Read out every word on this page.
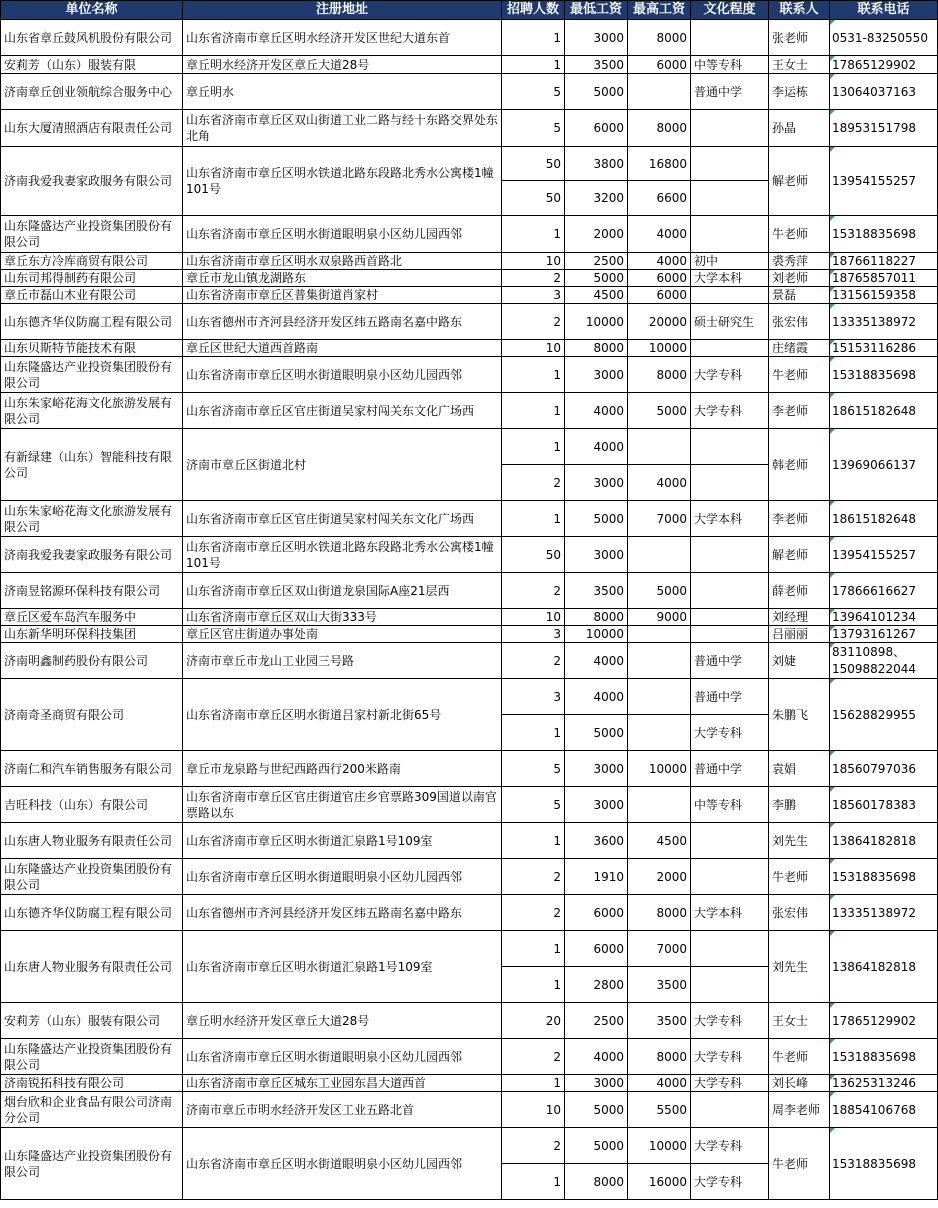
单位名称	注册地址	招聘人数	最低工资	最高工资	文化程度	联系人	联系电话
山东省章丘鼓风机股份有限公司	山东省济南市章丘区明水经济开发区世纪大道东首	1	3000	8000		张老师	0531-83250550
安莉芳（山东）服装有限	章丘明水经济开发区章丘大道28号	1	3500	6000	中等专科	王女士	17865129902
济南章丘创业领航综合服务中心	章丘明水	5	5000		普通中学	李运栋	13064037163
山东大厦清照酒店有限责任公司	山东省济南市章丘区双山街道工业二路与经十东路交界处东北角	5	6000	8000		孙晶	18953151798
济南我爱我妻家政服务有限公司	山东省济南市章丘区明水铁道北路东段路北秀水公寓楼1幢101号	50	3800	16800		解老师	13954155257
		50	3200	6600			
山东隆盛达产业投资集团股份有限公司	山东省济南市章丘区明水街道眼明泉小区幼儿园西邻	1	2000	4000		牛老师	15318835698
章丘东方冷库商贸有限公司	山东省济南市章丘区明水双泉路西首路北	10	2500	4000	初中	裘秀萍	18766118227
山东司邦得制药有限公司	章丘市龙山镇龙湖路东	2	5000	6000	大学本科	刘老师	18765857011
章丘市磊山木业有限公司	山东省济南市章丘区普集街道肖家村	3	4500	6000		景磊	13156159358
山东德齐华仪防腐工程有限公司	山东省德州市齐河县经济开发区纬五路南名嘉中路东	2	10000	20000	硕士研究生	张宏伟	13335138972
山东贝斯特节能技术有限	章丘区世纪大道西首路南	10	8000	10000		庄绪霞	15153116286
山东隆盛达产业投资集团股份有限公司	山东省济南市章丘区明水街道眼明泉小区幼儿园西邻	1	3000	8000	大学专科	牛老师	15318835698
山东朱家峪花海文化旅游发展有限公司	山东省济南市章丘区官庄街道吴家村闯关东文化广场西	1	4000	5000	大学专科	李老师	18615182648
有新绿建（山东）智能科技有限公司	济南市章丘区街道北村	1	4000			韩老师	13969066137
		2	3000	4000			
山东朱家峪花海文化旅游发展有限公司	山东省济南市章丘区官庄街道吴家村闯关东文化广场西	1	5000	7000	大学本科	李老师	18615182648
济南我爱我妻家政服务有限公司	山东省济南市章丘区明水铁道北路东段路北秀水公寓楼1幢101号	50	3000			解老师	13954155257
济南昱铭源环保科技有限公司	山东省济南市章丘区双山街道龙泉国际A座21层西	2	3500	5000		薛老师	17866616627
章丘区爱车岛汽车服务中	山东省济南市章丘区双山大街333号	10	8000	9000		刘经理	13964101234
山东新华明环保科技集团	章丘区官庄街道办事处南	3	10000			吕丽丽	13793161267
济南明鑫制药股份有限公司	济南市章丘市龙山工业园三号路	2	4000		普通中学	刘婕	83110898、15098822044
济南奇圣商贸有限公司	山东省济南市章丘区明水街道吕家村新北街65号	3	4000		普通中学	朱鹏飞	15628829955
		1	5000		大学专科		
济南仁和汽车销售服务有限公司	章丘市龙泉路与世纪西路西行200米路南	5	3000	10000	普通中学	袁娟	18560797036
吉旺科技（山东）有限公司	山东省济南市章丘区官庄街道官庄乡官票路309国道以南官票路以东	5	3000		中等专科	李鹏	18560178383
山东唐人物业服务有限责任公司	山东省济南市章丘区明水街道汇泉路1号109室	1	3600	4500		刘先生	13864182818
山东隆盛达产业投资集团股份有限公司	山东省济南市章丘区明水街道眼明泉小区幼儿园西邻	2	1910	2000		牛老师	15318835698
山东德齐华仪防腐工程有限公司	山东省德州市齐河县经济开发区纬五路南名嘉中路东	2	6000	8000	大学本科	张宏伟	13335138972
山东唐人物业服务有限责任公司	山东省济南市章丘区明水街道汇泉路1号109室	1	6000	7000		刘先生	13864182818
		1	2800	3500			
安莉芳（山东）服装有限公司	章丘明水经济开发区章丘大道28号	20	2500	3500	大学专科	王女士	17865129902
山东隆盛达产业投资集团股份有限公司	山东省济南市章丘区明水街道眼明泉小区幼儿园西邻	2	4000	8000	大学专科	牛老师	15318835698
济南锐拓科技有限公司	山东省济南市章丘区城东工业园东昌大道西首	1	3000	4000	大学专科	刘长峰	13625313246
烟台欣和企业食品有限公司济南分公司	济南市章丘市明水经济开发区工业五路北首	10	5000	5500		周李老师	18854106768
山东隆盛达产业投资集团股份有限公司	山东省济南市章丘区明水街道眼明泉小区幼儿园西邻	2	5000	10000	大学专科	牛老师	15318835698
		1	8000	16000	大学专科		
